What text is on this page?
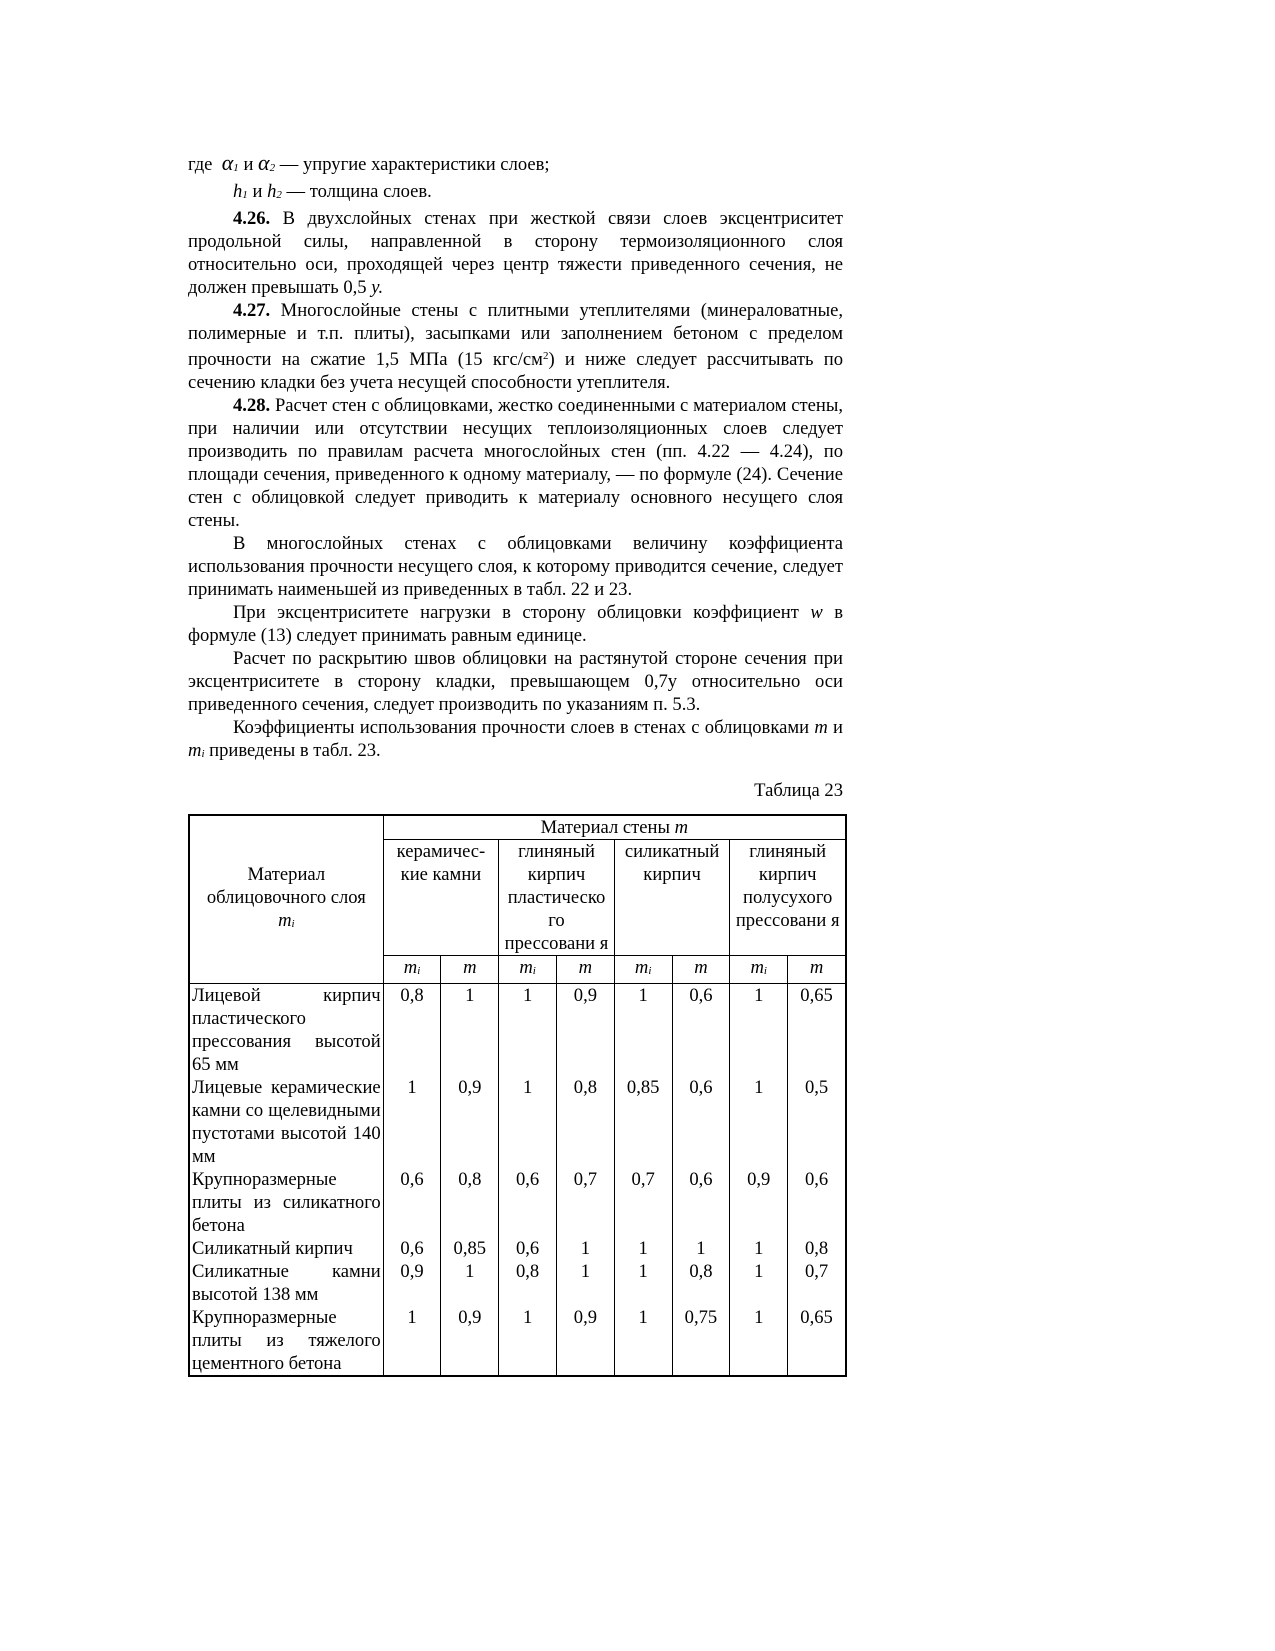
где $\alpha_1$ и $\alpha_2$ — упругие характеристики слоев;

$h_1$ и $h_2$ — толщина слоев.

4.26. В двухслойных стенах при жесткой связи слоев эксцентриситет продольной силы, направленной в сторону термоизоляционного слоя относительно оси, проходящей через центр тяжести приведенного сечения, не должен превышать 0,5 y.

4.27. Многослойные стены с плитными утеплителями (минераловатные, полимерные и т.п. плиты), засыпками или заполнением бетоном с пределом прочности на сжатие 1,5 МПа (15 кгс/$см^2$) и ниже следует рассчитывать по сечению кладки без учета несущей способности утеплителя.

4.28. Расчет стен с облицовками, жестко соединенными с материалом стены, при наличии или отсутствии несущих теплоизоляционных слоев следует производить по правилам расчета многослойных стен (пп. 4.22 — 4.24), по площади сечения, приведенного к одному материалу, — по формуле (24). Сечение стен с облицовкой следует приводить к материалу основного несущего слоя стены.

В многослойных стенах с облицовками величину коэффициента использования прочности несущего слоя, к которому приводится сечение, следует принимать наименьшей из приведенных в табл. 22 и 23.

При эксцентриситете нагрузки в сторону облицовки коэффициент w в формуле (13) следует принимать равным единице.

Расчет по раскрытию швов облицовки на растянутой стороне сечения при эксцентриситете в сторону кладки, превышающем 0,7у относительно оси приведенного сечения, следует производить по указаниям п. 5.3.

Коэффициенты использования прочности слоев в стенах с облицовками m и $m_i$ приведены в табл. 23.

Таблица 23
Материал облицовочного слоя
$m_i$	Материал стены m							
	керамичес-кие камни		глиняный кирпич пластическо го прессовани я		силикатный кирпич		глиняный кирпич полусухого прессовани я	
	$m_i$	m	$m_i$	m	$m_i$	m	$m_i$	m
Лицевой кирпич пластического прессования высотой 65 мм	0,8	1	1	0,9	1	0,6	1	0,65
Лицевые керамические камни со щелевидными пустотами высотой 140 мм	1	0,9	1	0,8	0,85	0,6	1	0,5
Крупноразмерные плиты из силикатного бетона	0,6	0,8	0,6	0,7	0,7	0,6	0,9	0,6
Силикатный кирпич	0,6	0,85	0,6	1	1	1	1	0,8
Силикатные камни высотой 138 мм	0,9	1	0,8	1	1	0,8	1	0,7
Крупноразмерные плиты из тяжелого цементного бетона	1	0,9	1	0,9	1	0,75	1	0,65
